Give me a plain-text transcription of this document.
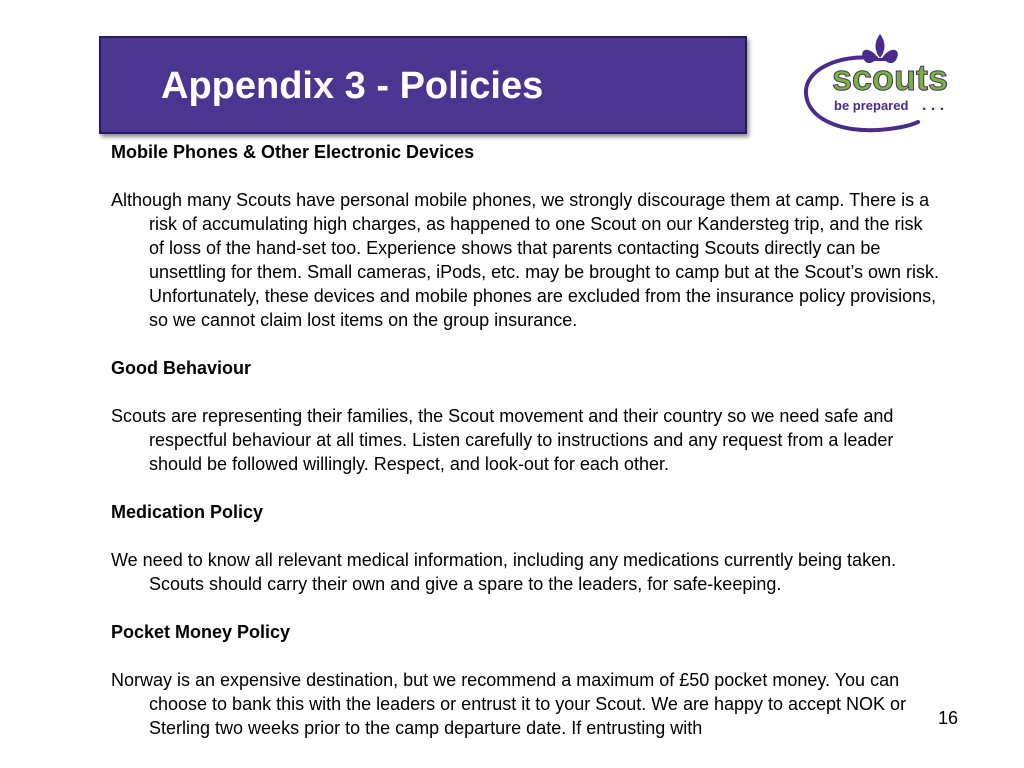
Appendix 3 - Policies	scouts
be prepared . . .
Mobile Phones & Other Electronic Devices

Although many Scouts have personal mobile phones, we strongly discourage them at camp. There is a risk of accumulating high charges, as happened to one Scout on our Kandersteg trip, and the risk of loss of the hand-set too. Experience shows that parents contacting Scouts directly can be unsettling for them. Small cameras, iPods, etc. may be brought to camp but at the Scout’s own risk. Unfortunately, these devices and mobile phones are excluded from the insurance policy provisions, so we cannot claim lost items on the group insurance.

Good Behaviour

Scouts are representing their families, the Scout movement and their country so we need safe and respectful behaviour at all times. Listen carefully to instructions and any request from a leader should be followed willingly. Respect, and look-out for each other.

Medication Policy

We need to know all relevant medical information, including any medications currently being taken. Scouts should carry their own and give a spare to the leaders, for safe-keeping.

Pocket Money Policy

Norway is an expensive destination, but we recommend a maximum of £50 pocket money. You can choose to bank this with the leaders or entrust it to your Scout. We are happy to accept NOK or Sterling two weeks prior to the camp departure date. If entrusting with	16
